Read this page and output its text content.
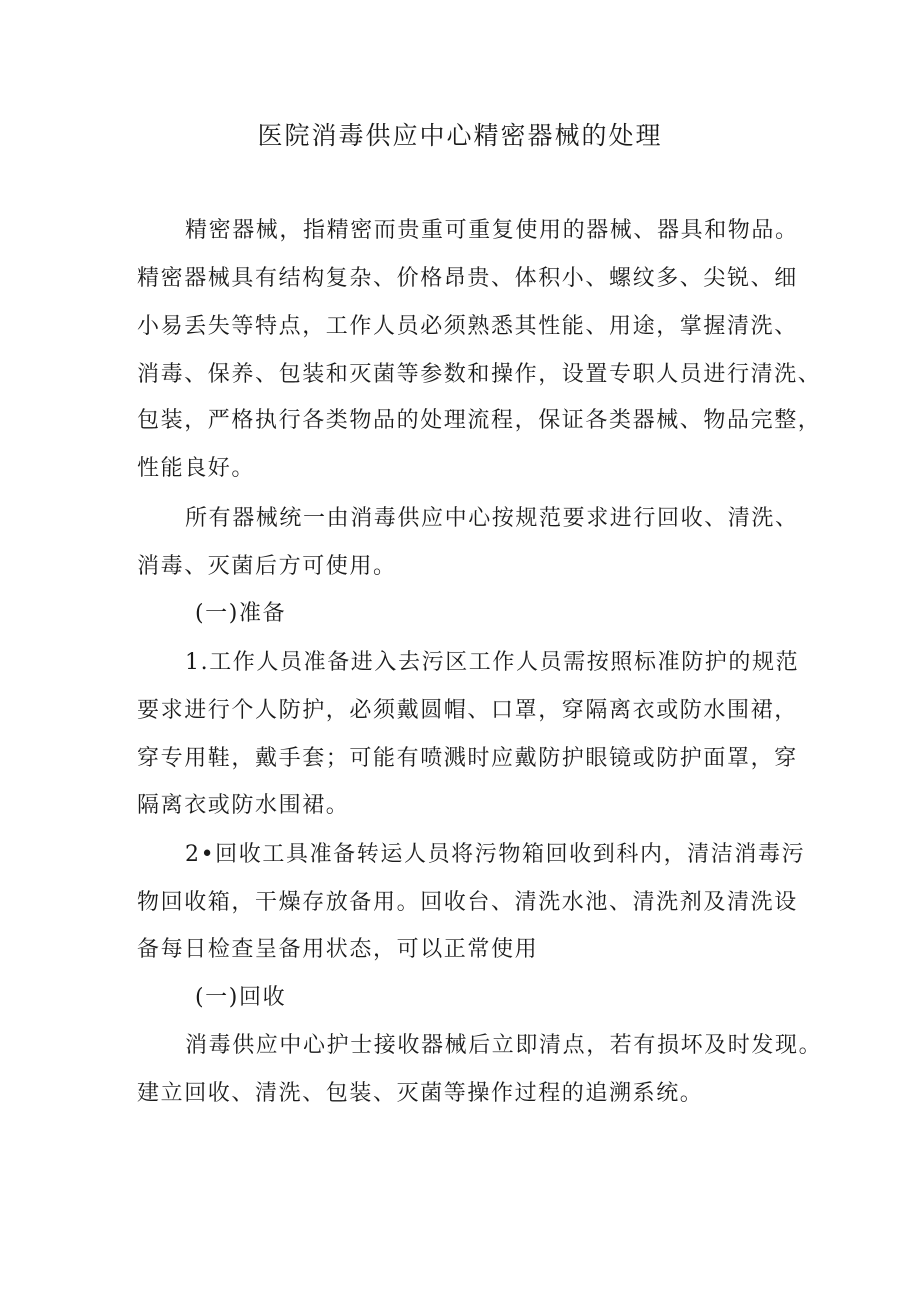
医院消毒供应中心精密器械的处理
精密器械，指精密而贵重可重复使用的器械、器具和物品。
精密器械具有结构复杂、价格昂贵、体积小、螺纹多、尖锐、细
小易丢失等特点，工作人员必须熟悉其性能、用途，掌握清洗、
消毒、保养、包装和灭菌等参数和操作，设置专职人员进行清洗、
包装，严格执行各类物品的处理流程，保证各类器械、物品完整，
性能良好。
所有器械统一由消毒供应中心按规范要求进行回收、清洗、
消毒、灭菌后方可使用。
(一)准备
1.工作人员准备进入去污区工作人员需按照标准防护的规范
要求进行个人防护，必须戴圆帽、口罩，穿隔离衣或防水围裙，
穿专用鞋，戴手套；可能有喷溅时应戴防护眼镜或防护面罩，穿
隔离衣或防水围裙。
2•回收工具准备转运人员将污物箱回收到科内，清洁消毒污
物回收箱，干燥存放备用。回收台、清洗水池、清洗剂及清洗设
备每日检查呈备用状态，可以正常使用
(一)回收
消毒供应中心护士接收器械后立即清点，若有损坏及时发现。
建立回收、清洗、包装、灭菌等操作过程的追溯系统。
